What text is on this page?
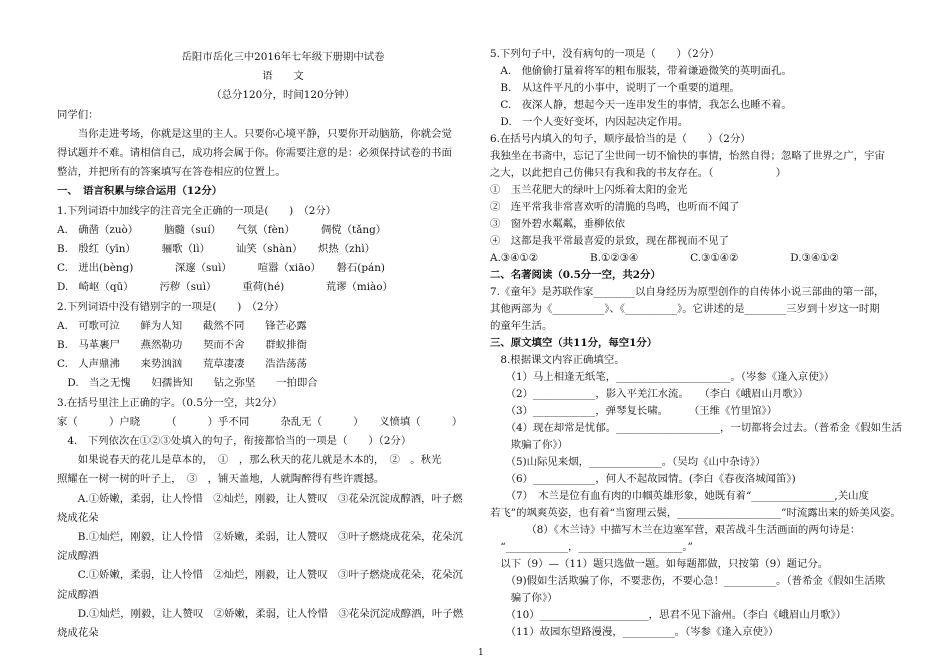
岳阳市岳化三中2016年七年级下册期中试卷
语　　文
（总分120分，时间120分钟）
同学们：
　　当你走进考场，你就是这里的主人。只要你心境平静，只要你开动脑筋，你就会觉
得试题并不难。请相信自己，成功将会属于你。你需要注意的是：必须保持试卷的书面
整洁，并把所有的答案填写在答卷相应的位置上。
一、　语言积累与综合运用（12分）
1.下列词语中加线字的注音完全正确的一项是(　　)　（2分）
A.　确凿（zuò）　　　脑髓（suí）　　气氛（fèn）　　　倜傥（tǎng）
B.　殷红（yīn）　　　骊歌（lì）　　　讪笑（shàn）　　炽热（zhì）
C.　迸出(bèng)　　　　深邃（suì）　　　喧嚣（xiāo）　　磐石(pán)
D.　崎岖（qū）　　　污秽（suì）　　　重荷(hé)　　　　荒谬（miào）
2.下列词语中没有错别字的一项是(　　)　（2分）
A.　可歌可泣　　鲜为人知　　截然不同　　锋芒必露
B.　马革裹尸　　燕然勒功　　契而不舍　　群蚁排衙
C.　人声鼎沸　　来势汹汹　　荒草凄凄　　浩浩荡荡
　D.　当之无愧　　妇孺皆知　　钻之弥坚　　一拍即合
3.在括号里注上正确的字。（0.5分一空，共2分）
家（　　　）户晓　　　（　　　）乎不同　　　杂乱无（　　　）　　义愤填（　　　）
　4.　下列依次在①②③处填入的句子，衔接都恰当的一项是（　　）（2分）
　　如果说春天的花儿是草本的，　①　，那么秋天的花儿就是木本的，　②　。秋光
照耀在一树一树的叶子上，　③　，铺天盖地，人就陶醉得有些许震撼。
　　A.①娇嫩，柔弱，让人怜惜　②灿烂，刚毅，让人赞叹　③花朵沉淀成醇酒，叶子燃
烧成花朵
　　B.①灿烂，刚毅，让人怜惜　②娇嫩，柔弱，让人赞叹　③叶子燃烧成花朵，花朵沉
淀成醇酒
　　C.①娇嫩，柔弱，让人怜惜　②灿烂，刚毅，让人赞叹　③叶子燃烧成花朵，花朵沉
淀成醇酒
　　D.①灿烂，刚毅，让人赞叹　②娇嫩，柔弱，让人怜惜　③花朵沉淀成醇酒，叶子燃
烧成花朵
5.下列句子中，没有病句的一项是（　　）（2分）
　A.　他偷偷打量着将军的粗布服装，带着谦逊微笑的英明面孔。
　B.　从这件平凡的小事中，说明了一个重要的道理。
　C.　夜深人静，想起今天一连串发生的事情，我怎么也睡不着。
　D.　一个人变好变坏，内因起决定作用。
6.在括号内填入的句子，顺序最恰当的是（　　）（2分）
我独坐在书斋中，忘记了尘世间一切不愉快的事情，怡然自得；忽略了世界之广，宇宙
之大，以此把自己仿佛只有我和我的书友存在。（　　　　　　）
①　玉兰花肥大的绿叶上闪烁着太阳的金光
②　连平常我非常喜欢听的清脆的鸟鸣，也听而不闻了
③　窗外碧水粼粼，垂柳依依
④　这都是我平常最喜爱的景致，现在都视而不见了
A.③④①②　　　　　B.①②③④　　　　　C.③①④②　　　　　D.③④①②
二、名著阅读（0.5分一空，共2分）
7.《童年》是苏联作家________以自身经历为原型创作的自传体小说三部曲的第一部，
其他两部为《__________》、《__________》。它讲述的是________三岁到十岁这一时期
的童年生活。
三、原文填空（共11分，每空1分）
　8.根据课文内容正确填空。
　　（1）马上相逢无纸笔，______________________。（岑参《逢入京使》）
　　（2）____________，影入平羌江水流。　　（李白《峨眉山月歌》）
　　（3）____________，弹琴复长啸。　　　（王维《竹里馆》）
　　（4）现在却常是忧郁。____________________，一切都将会过去。（普希金《假如生活
　　欺骗了你》）
　　（5)山际见来烟，______________。（吴均《山中杂诗》）
　　（6）____________，何人不起故园情。(李白《春夜洛城闻笛》)
　　（7）　木兰是位有血有肉的巾帼英雄形象，她既有着“________________,关山度
若飞”的飒爽英姿，也有着“当窗理云鬓，____________________”时流露出来的娇美风姿。
　　　　（8）《木兰诗》中描写木兰在边塞军营，艰苦战斗生活画面的两句诗是：
　“____________，____________________。”
　以下（9）—（11）题只选做一题。如每题都做，只按第（9）题记分。
　　（9)假如生活欺骗了你，不要悲伤，不要心急！__________。（普希金《假如生活欺
　　骗了你》）
　　（10）_____________________，思君不见下渝州。（李白《峨眉山月歌》）
　　（11）故园东望路漫漫，__________。（岑参《逢入京使》）
1
